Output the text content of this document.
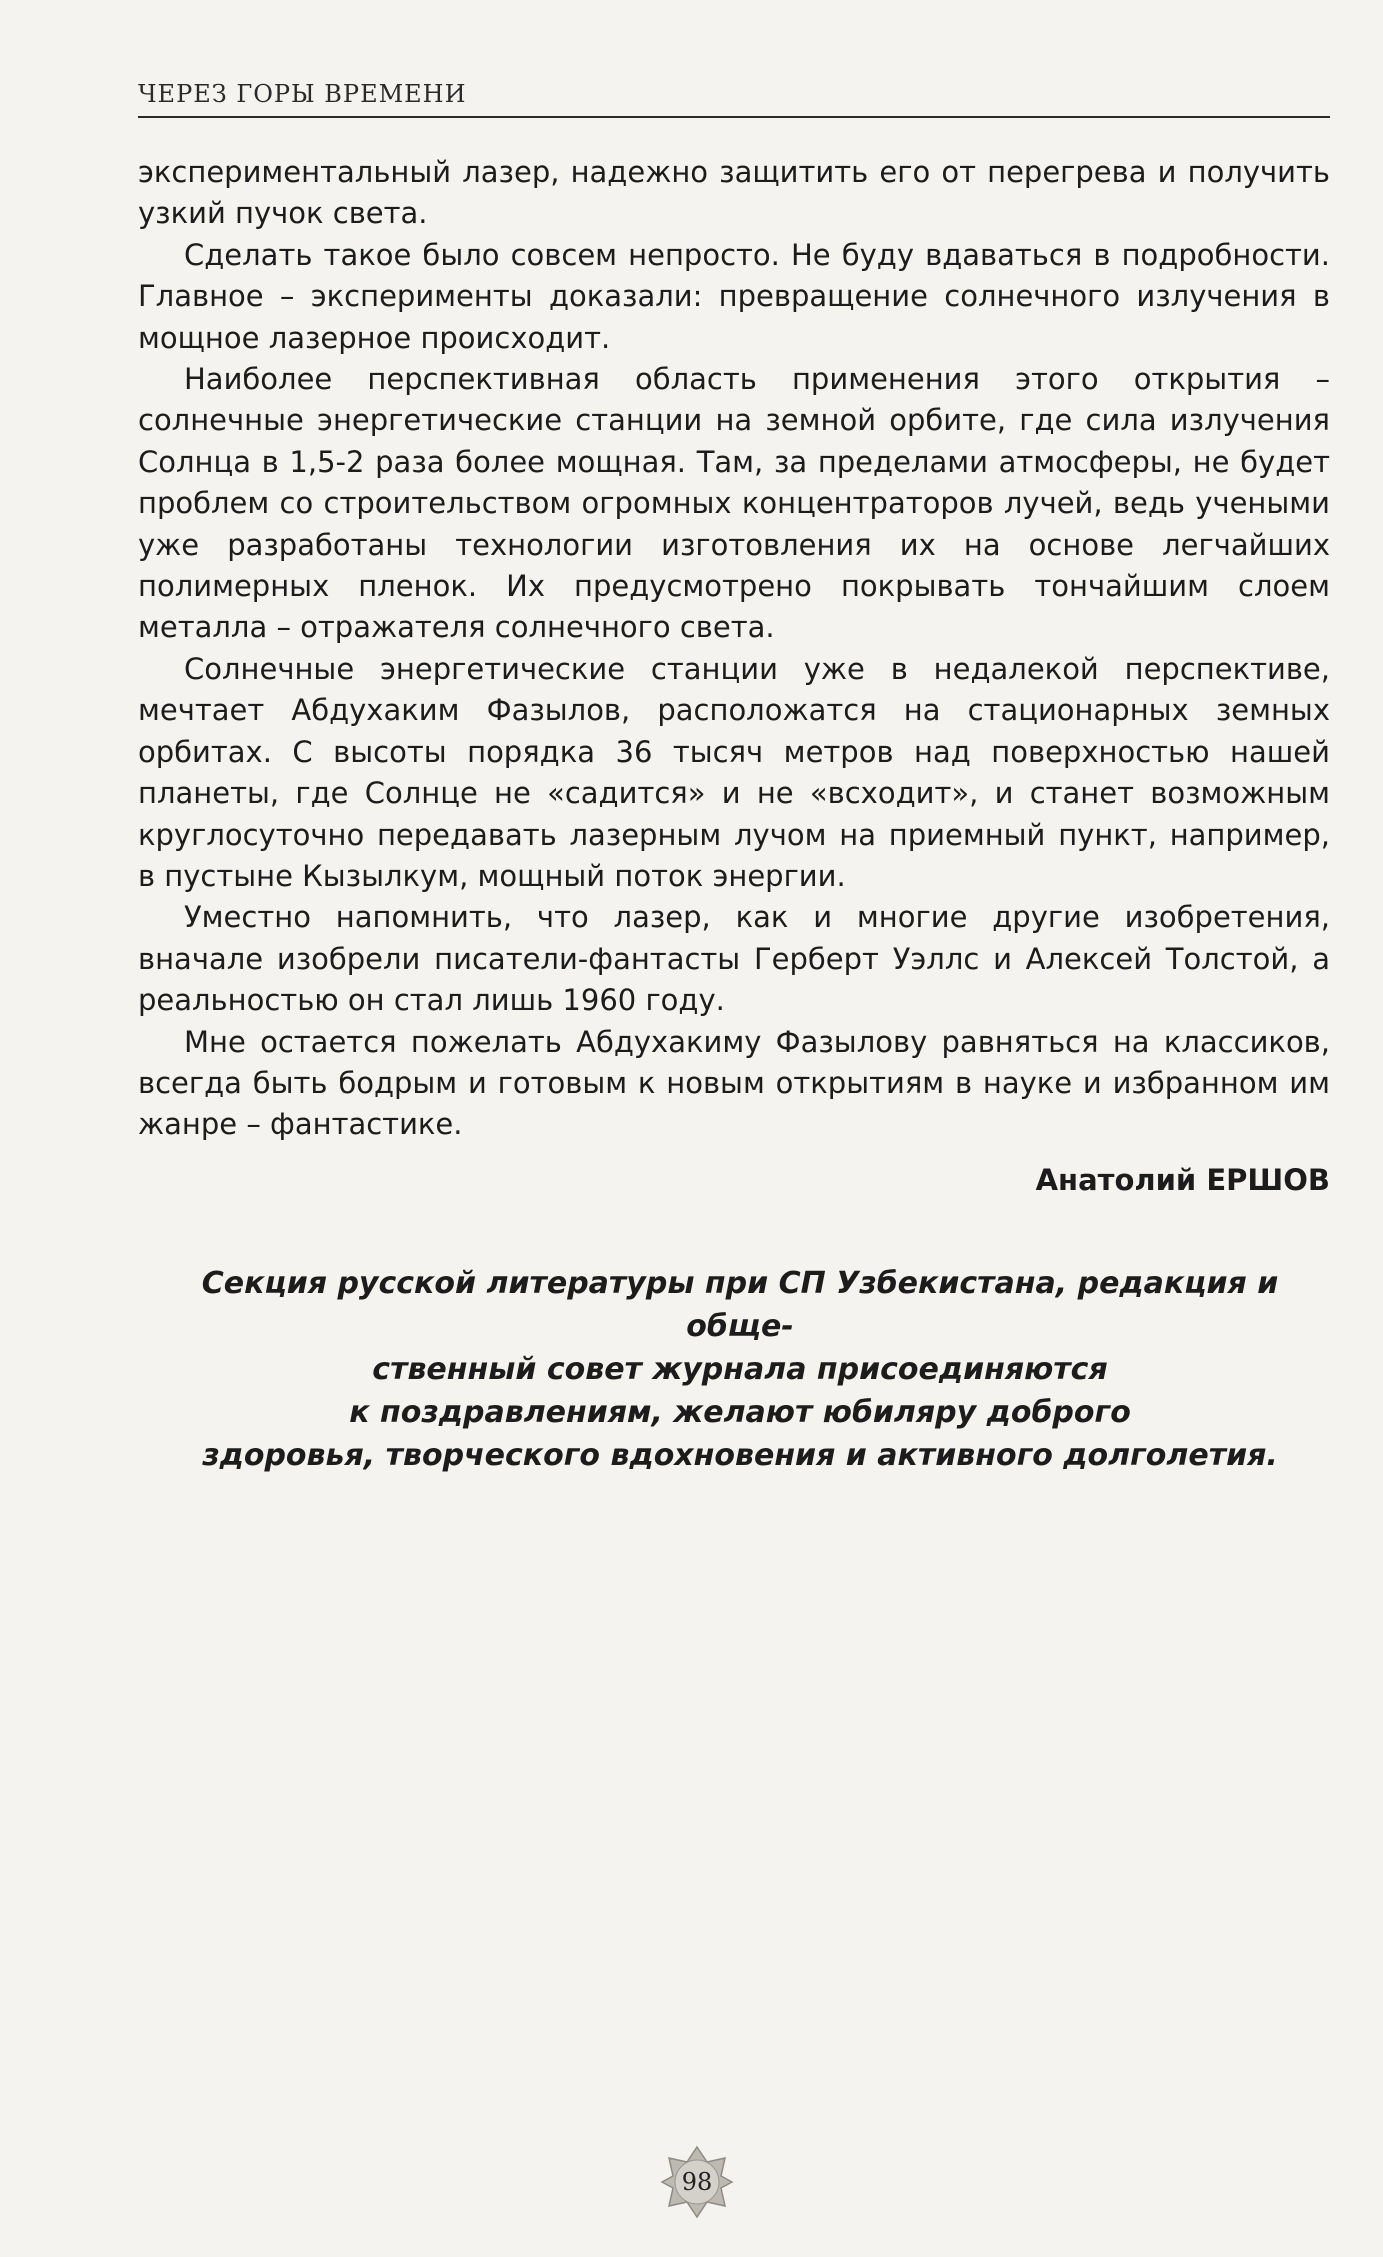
ЧЕРЕЗ ГОРЫ ВРЕМЕНИ

экспериментальный лазер, надежно защитить его от перегрева и получить узкий пучок света.

Сделать такое было совсем непросто. Не буду вдаваться в подробности. Главное – эксперименты доказали: превращение солнечного излучения в мощное лазерное происходит.

Наиболее перспективная область применения этого открытия – солнечные энергетические станции на земной орбите, где сила излучения Солнца в 1,5-2 раза более мощная. Там, за пределами атмосферы, не будет проблем со строительством огромных концентраторов лучей, ведь учеными уже разработаны технологии изготовления их на основе легчайших полимерных пленок. Их предусмотрено покрывать тончайшим слоем металла – отражателя солнечного света.

Солнечные энергетические станции уже в недалекой перспективе, мечтает Абдухаким Фазылов, расположатся на стационарных земных орбитах. С высоты порядка 36 тысяч метров над поверхностью нашей планеты, где Солнце не «садится» и не «всходит», и станет возможным круглосуточно передавать лазерным лучом на приемный пункт, например, в пустыне Кызылкум, мощный поток энергии.

Уместно напомнить, что лазер, как и многие другие изобретения, вначале изобрели писатели-фантасты Герберт Уэллс и Алексей Толстой, а реальностью он стал лишь 1960 году.

Мне остается пожелать Абдухакиму Фазылову равняться на классиков, всегда быть бодрым и готовым к новым открытиям в науке и избранном им жанре – фантастике.

Анатолий ЕРШОВ
Секция русской литературы при СП Узбекистана, редакция и обще-
ственный совет журнала присоединяются
к поздравлениям, желают юбиляру доброго
здоровья, творческого вдохновения и активного долголетия.
98
